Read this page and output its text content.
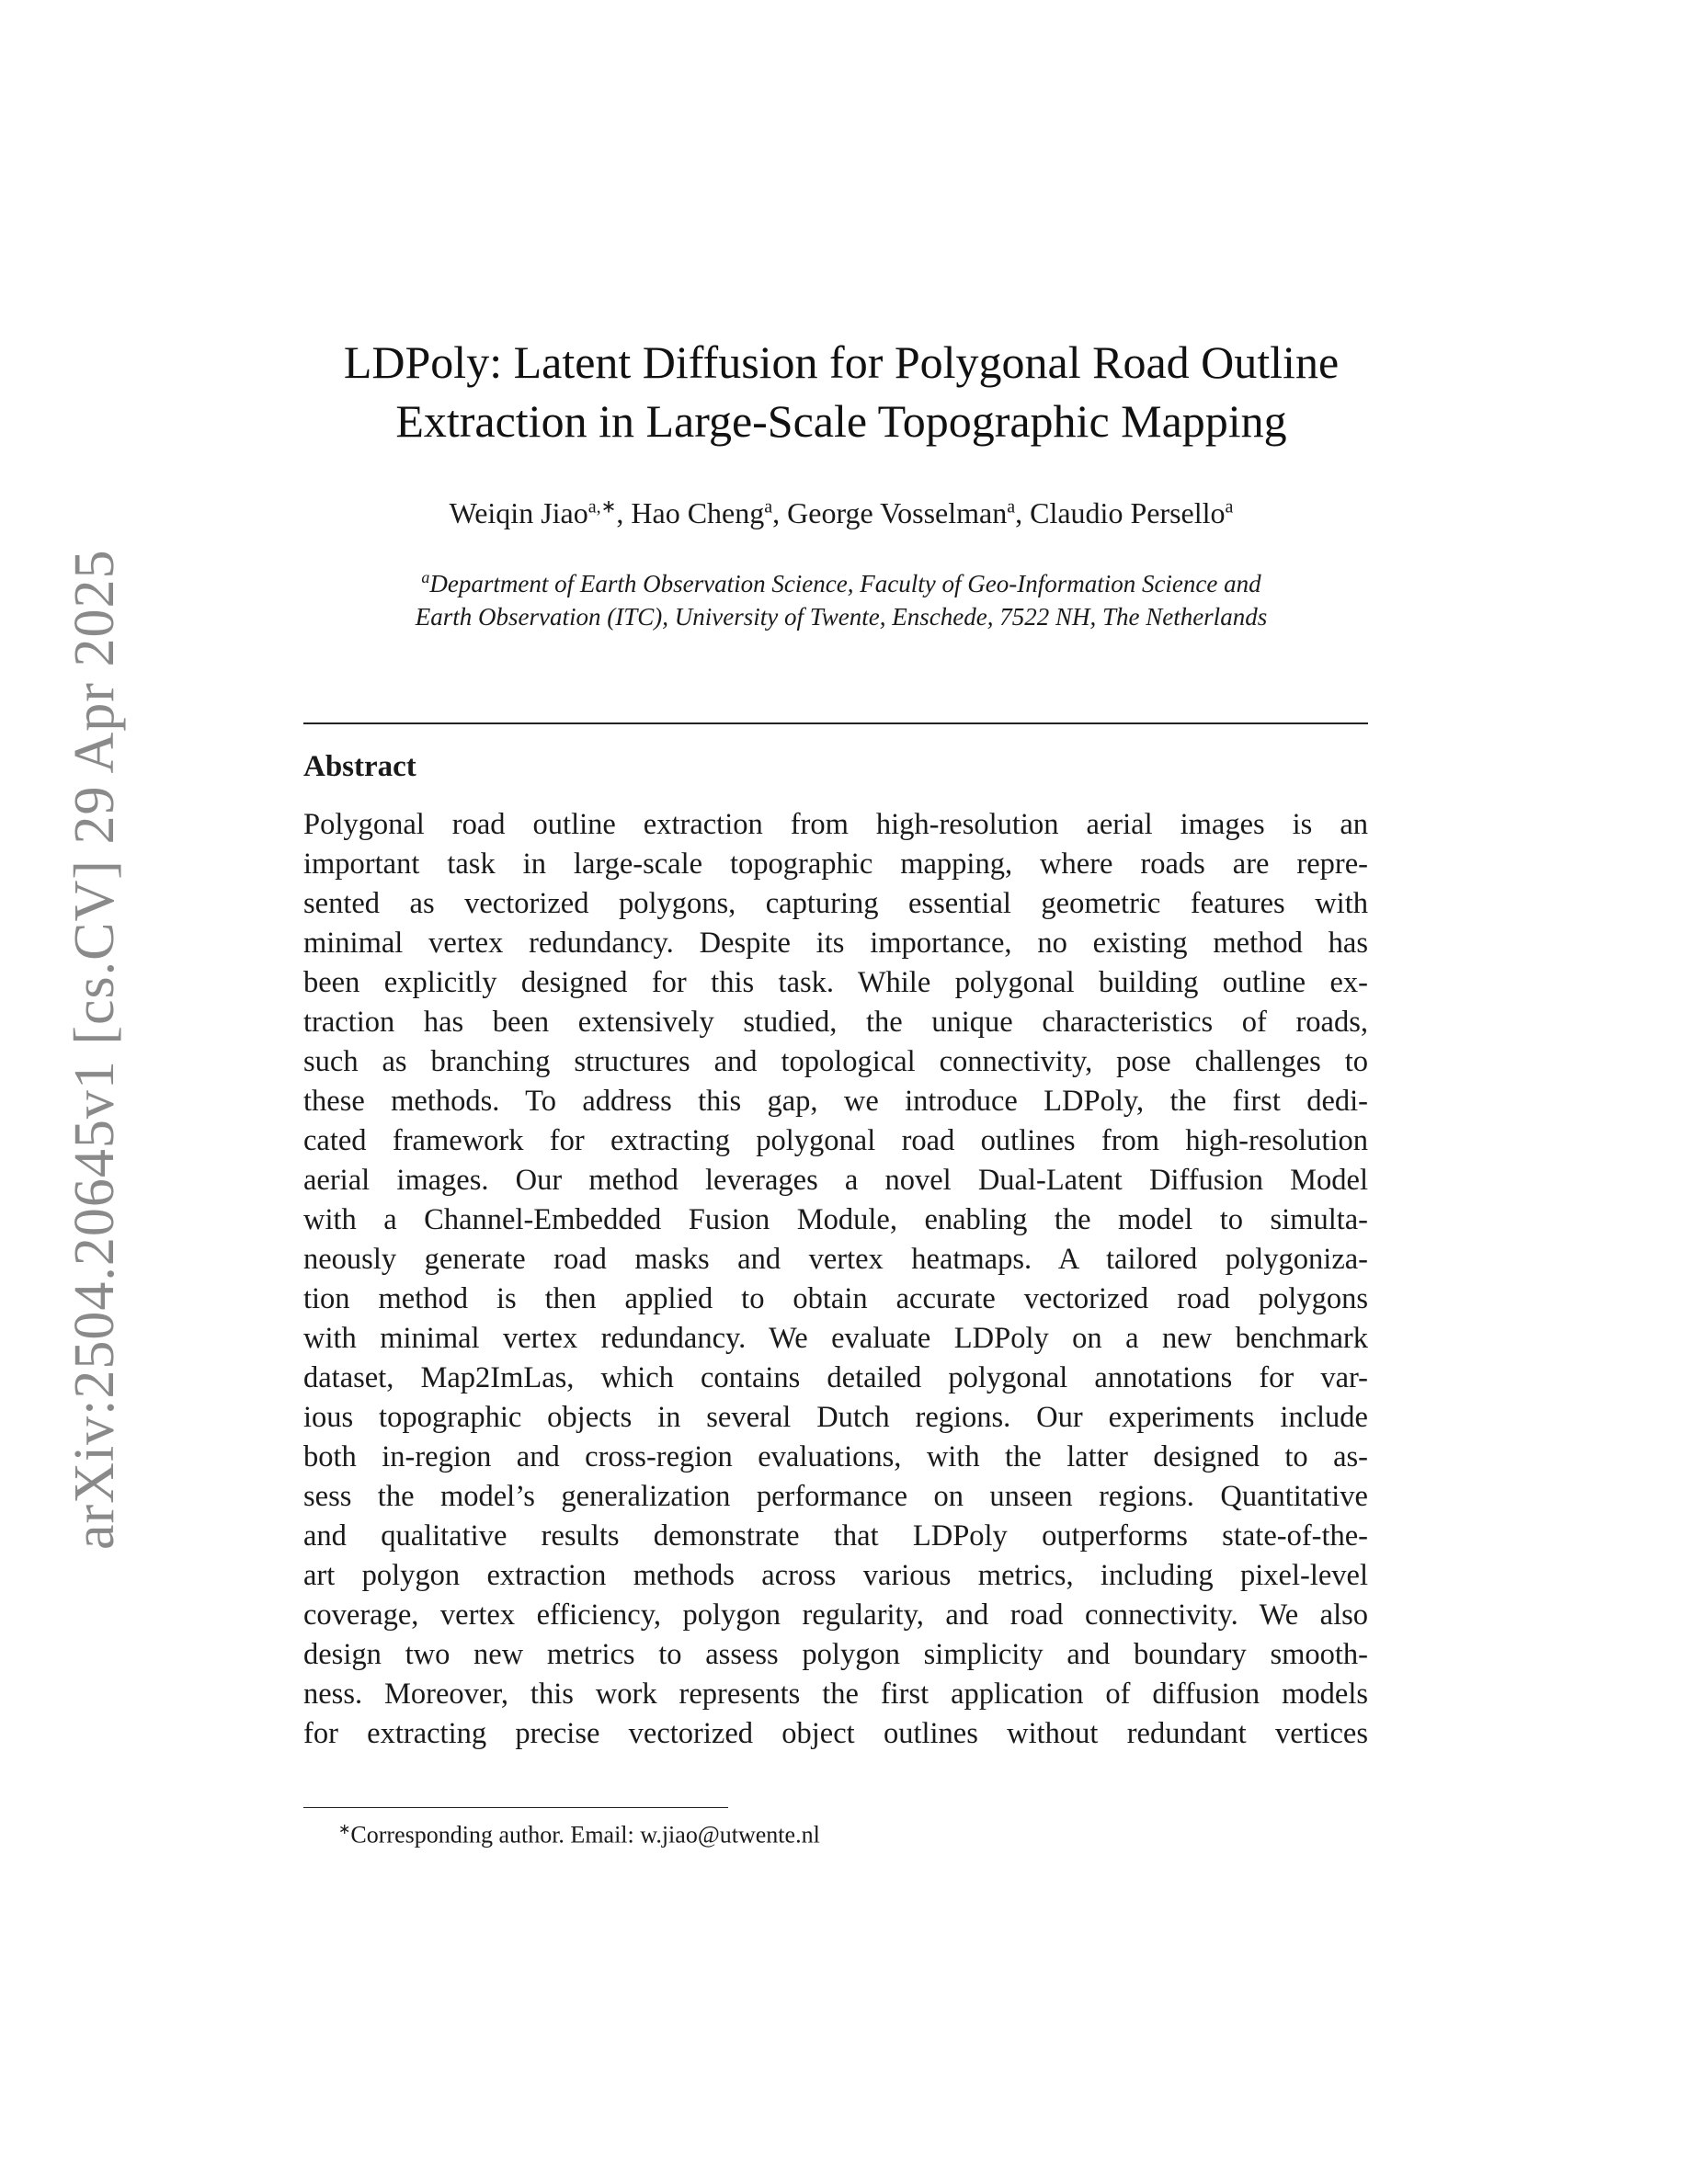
arXiv:2504.20645v1 [cs.CV] 29 Apr 2025
LDPoly: Latent Diffusion for Polygonal Road Outline
Extraction in Large-Scale Topographic Mapping
Weiqin Jiao$^{a,∗}$, Hao Cheng$^a$, George Vosselman$^a$, Claudio Persello$^a$
$^a$Department of Earth Observation Science, Faculty of Geo-Information Science and
Earth Observation (ITC), University of Twente, Enschede, 7522 NH, The Netherlands
Abstract
Polygonal road outline extraction from high-resolution aerial images is an
important task in large-scale topographic mapping, where roads are repre-
sented as vectorized polygons, capturing essential geometric features with
minimal vertex redundancy. Despite its importance, no existing method has
been explicitly designed for this task. While polygonal building outline ex-
traction has been extensively studied, the unique characteristics of roads,
such as branching structures and topological connectivity, pose challenges to
these methods. To address this gap, we introduce LDPoly, the first dedi-
cated framework for extracting polygonal road outlines from high-resolution
aerial images. Our method leverages a novel Dual-Latent Diffusion Model
with a Channel-Embedded Fusion Module, enabling the model to simulta-
neously generate road masks and vertex heatmaps. A tailored polygoniza-
tion method is then applied to obtain accurate vectorized road polygons
with minimal vertex redundancy. We evaluate LDPoly on a new benchmark
dataset, Map2ImLas, which contains detailed polygonal annotations for var-
ious topographic objects in several Dutch regions. Our experiments include
both in-region and cross-region evaluations, with the latter designed to as-
sess the model’s generalization performance on unseen regions. Quantitative
and qualitative results demonstrate that LDPoly outperforms state-of-the-
art polygon extraction methods across various metrics, including pixel-level
coverage, vertex efficiency, polygon regularity, and road connectivity. We also
design two new metrics to assess polygon simplicity and boundary smooth-
ness. Moreover, this work represents the first application of diffusion models
for extracting precise vectorized object outlines without redundant vertices
∗Corresponding author. Email: w.jiao@utwente.nl
